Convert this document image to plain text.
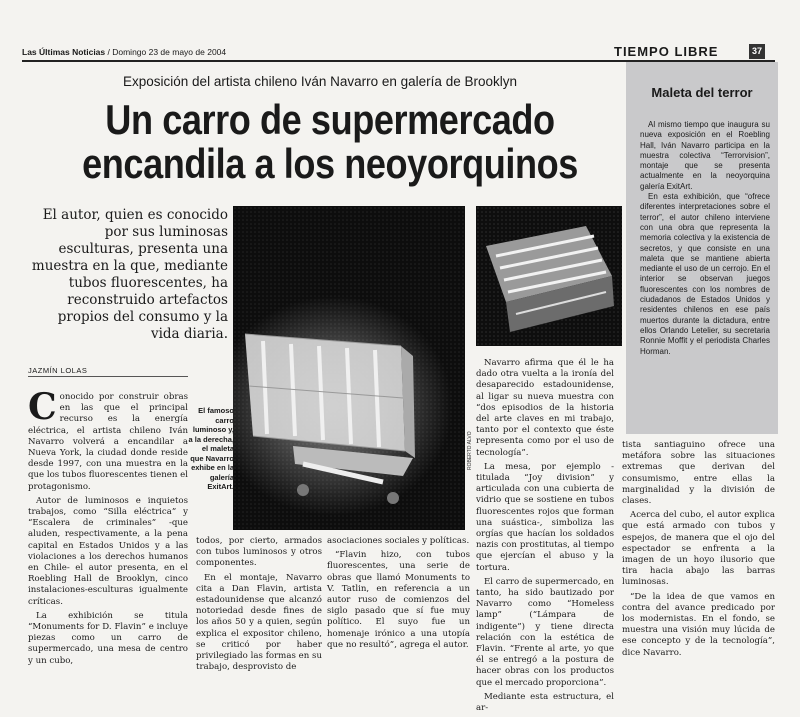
Las Últimas Noticias / Domingo 23 de mayo de 2004	TIEMPO LIBRE	37
Exposición del artista chileno Iván Navarro en galería de Brooklyn
Un carro de supermercado encandila a los neoyorquinos
El autor, quien es conocido por sus luminosas esculturas, presenta una muestra en la que, mediante tubos fluorescentes, ha reconstruido artefactos propios del consumo y la vida diaria.
JAZMÍN LOLAS
El famoso carro luminoso y, a la derecha, el maleta que Navarro exhibe en la galería ExitArt.
ROBERTO ALVO
Maleta del terror

Al mismo tiempo que inaugura su nueva exposición en el Roebling Hall, Iván Navarro participa en la muestra colectiva “Terrorvision”, montaje que se presenta actualmente en la neoyorquina galería ExitArt.

En esta exhibición, que “ofrece diferentes interpretaciones sobre el terror”, el autor chileno interviene con una obra que representa la memoria colectiva y la existencia de secretos, y que consiste en una maleta que se mantiene abierta mediante el uso de un cerrojo. En el interior se observan juegos fluorescentes con los nombres de ciudadanos de Estados Unidos y residentes chilenos en ese país muertos durante la dictadura, entre ellos Orlando Letelier, su secretaria Ronnie Moffit y el periodista Charles Horman.

Conocido por construir obras en las que el principal recurso es la energía eléctrica, el artista chileno Iván Navarro volverá a encandilar a Nueva York, la ciudad donde reside desde 1997, con una muestra en la que los tubos fluorescentes tienen el protagonismo.

Autor de luminosos e inquietos trabajos, como “Silla eléctrica” y “Escalera de criminales” -que aluden, respectivamente, a la pena capital en Estados Unidos y a las violaciones a los derechos humanos en Chile- el autor presenta, en el Roebling Hall de Brooklyn, cinco instalaciones-esculturas igualmente críticas.

La exhibición se titula “Monuments for D. Flavin” e incluye piezas como un carro de supermercado, una mesa de centro y un cubo,

todos, por cierto, armados con tubos luminosos y otros componentes.

En el montaje, Navarro cita a Dan Flavin, artista estadounidense que alcanzó notoriedad desde fines de los años 50 y a quien, según explica el expositor chileno, se criticó por haber privilegiado las formas en su trabajo, desprovisto de

asociaciones sociales y políticas.

“Flavin hizo, con tubos fluorescentes, una serie de obras que llamó Monuments to V. Tatlin, en referencia a un autor ruso de comienzos del siglo pasado que sí fue muy político. El suyo fue un homenaje irónico a una utopía que no resultó”, agrega el autor.

Navarro afirma que él le ha dado otra vuelta a la ironía del desaparecido estadounidense, al ligar su nueva muestra con “dos episodios de la historia del arte claves en mi trabajo, tanto por el contexto que éste representa como por el uso de tecnología”.

La mesa, por ejemplo -titulada “Joy division” y articulada con una cubierta de vidrio que se sostiene en tubos fluorescentes rojos que forman una suástica-, simboliza las orgías que hacían los soldados nazis con prostitutas, al tiempo que ejercían el abuso y la tortura.

El carro de supermercado, en tanto, ha sido bautizado por Navarro como “Homeless lamp” (“Lámpara de indigente”) y tiene directa relación con la estética de Flavin. “Frente al arte, yo que él se entregó a la postura de hacer obras con los productos que el mercado proporciona”.

Mediante esta estructura, el ar-

tista santiaguino ofrece una metáfora sobre las situaciones extremas que derivan del consumismo, entre ellas la marginalidad y la división de clases.

Acerca del cubo, el autor explica que está armado con tubos y espejos, de manera que el ojo del espectador se enfrenta a la imagen de un hoyo ilusorio que tira hacia abajo las barras luminosas.

“De la idea de que vamos en contra del avance predicado por los modernistas. En el fondo, se muestra una visión muy lúcida de ese concepto y de la tecnología”, dice Navarro.
